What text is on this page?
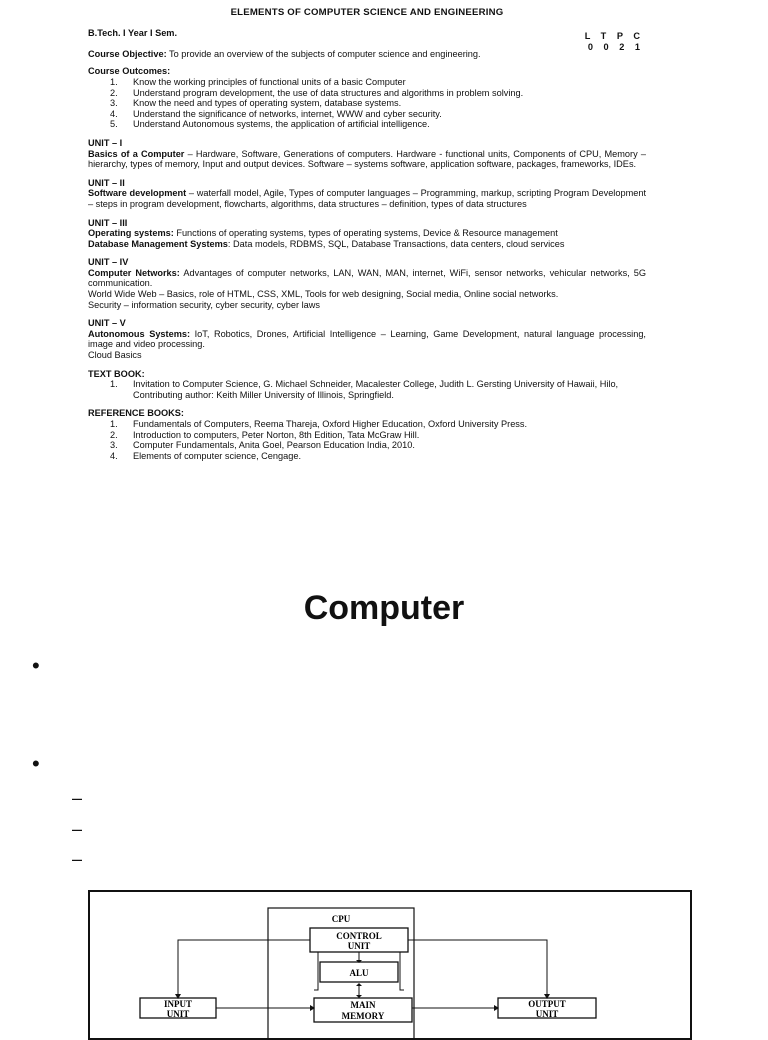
ELEMENTS OF COMPUTER SCIENCE AND ENGINEERING
B.Tech. I Year I Sem.	L T P C
0 0 2 1
Course Objective: To provide an overview of the subjects of computer science and engineering.
Course Outcomes:
1. Know the working principles of functional units of a basic Computer
2. Understand program development, the use of data structures and algorithms in problem solving.
3. Know the need and types of operating system, database systems.
4. Understand the significance of networks, internet, WWW and cyber security.
5. Understand Autonomous systems, the application of artificial intelligence.
UNIT – I

Basics of a Computer – Hardware, Software, Generations of computers. Hardware - functional units, Components of CPU, Memory – hierarchy, types of memory, Input and output devices. Software – systems software, application software, packages, frameworks, IDEs.

UNIT – II

Software development – waterfall model, Agile, Types of computer languages – Programming, markup, scripting Program Development – steps in program development, flowcharts, algorithms, data structures – definition, types of data structures

UNIT – III

Operating systems: Functions of operating systems, types of operating systems, Device & Resource management

Database Management Systems: Data models, RDBMS, SQL, Database Transactions, data centers, cloud services

UNIT – IV

Computer Networks: Advantages of computer networks, LAN, WAN, MAN, internet, WiFi, sensor networks, vehicular networks, 5G communication.

World Wide Web – Basics, role of HTML, CSS, XML, Tools for web designing, Social media, Online social networks.

Security – information security, cyber security, cyber laws

UNIT – V

Autonomous Systems: IoT, Robotics, Drones, Artificial Intelligence – Learning, Game Development, natural language processing, image and video processing.

Cloud Basics

TEXT BOOK:
1. Invitation to Computer Science, G. Michael Schneider, Macalester College, Judith L. Gersting University of Hawaii, Hilo, Contributing author: Keith Miller University of Illinois, Springfield.
REFERENCE BOOKS:
1. Fundamentals of Computers, Reema Thareja, Oxford Higher Education, Oxford University Press.
2. Introduction to computers, Peter Norton, 8th Edition, Tata McGraw Hill.
3. Computer Fundamentals, Anita Goel, Pearson Education India, 2010.
4. Elements of computer science, Cengage.
Computer
•
•
–
–
–
CPU
CONTROL
UNIT
ALU
MAIN
MEMORY
INPUT
UNIT
OUTPUT
UNIT
